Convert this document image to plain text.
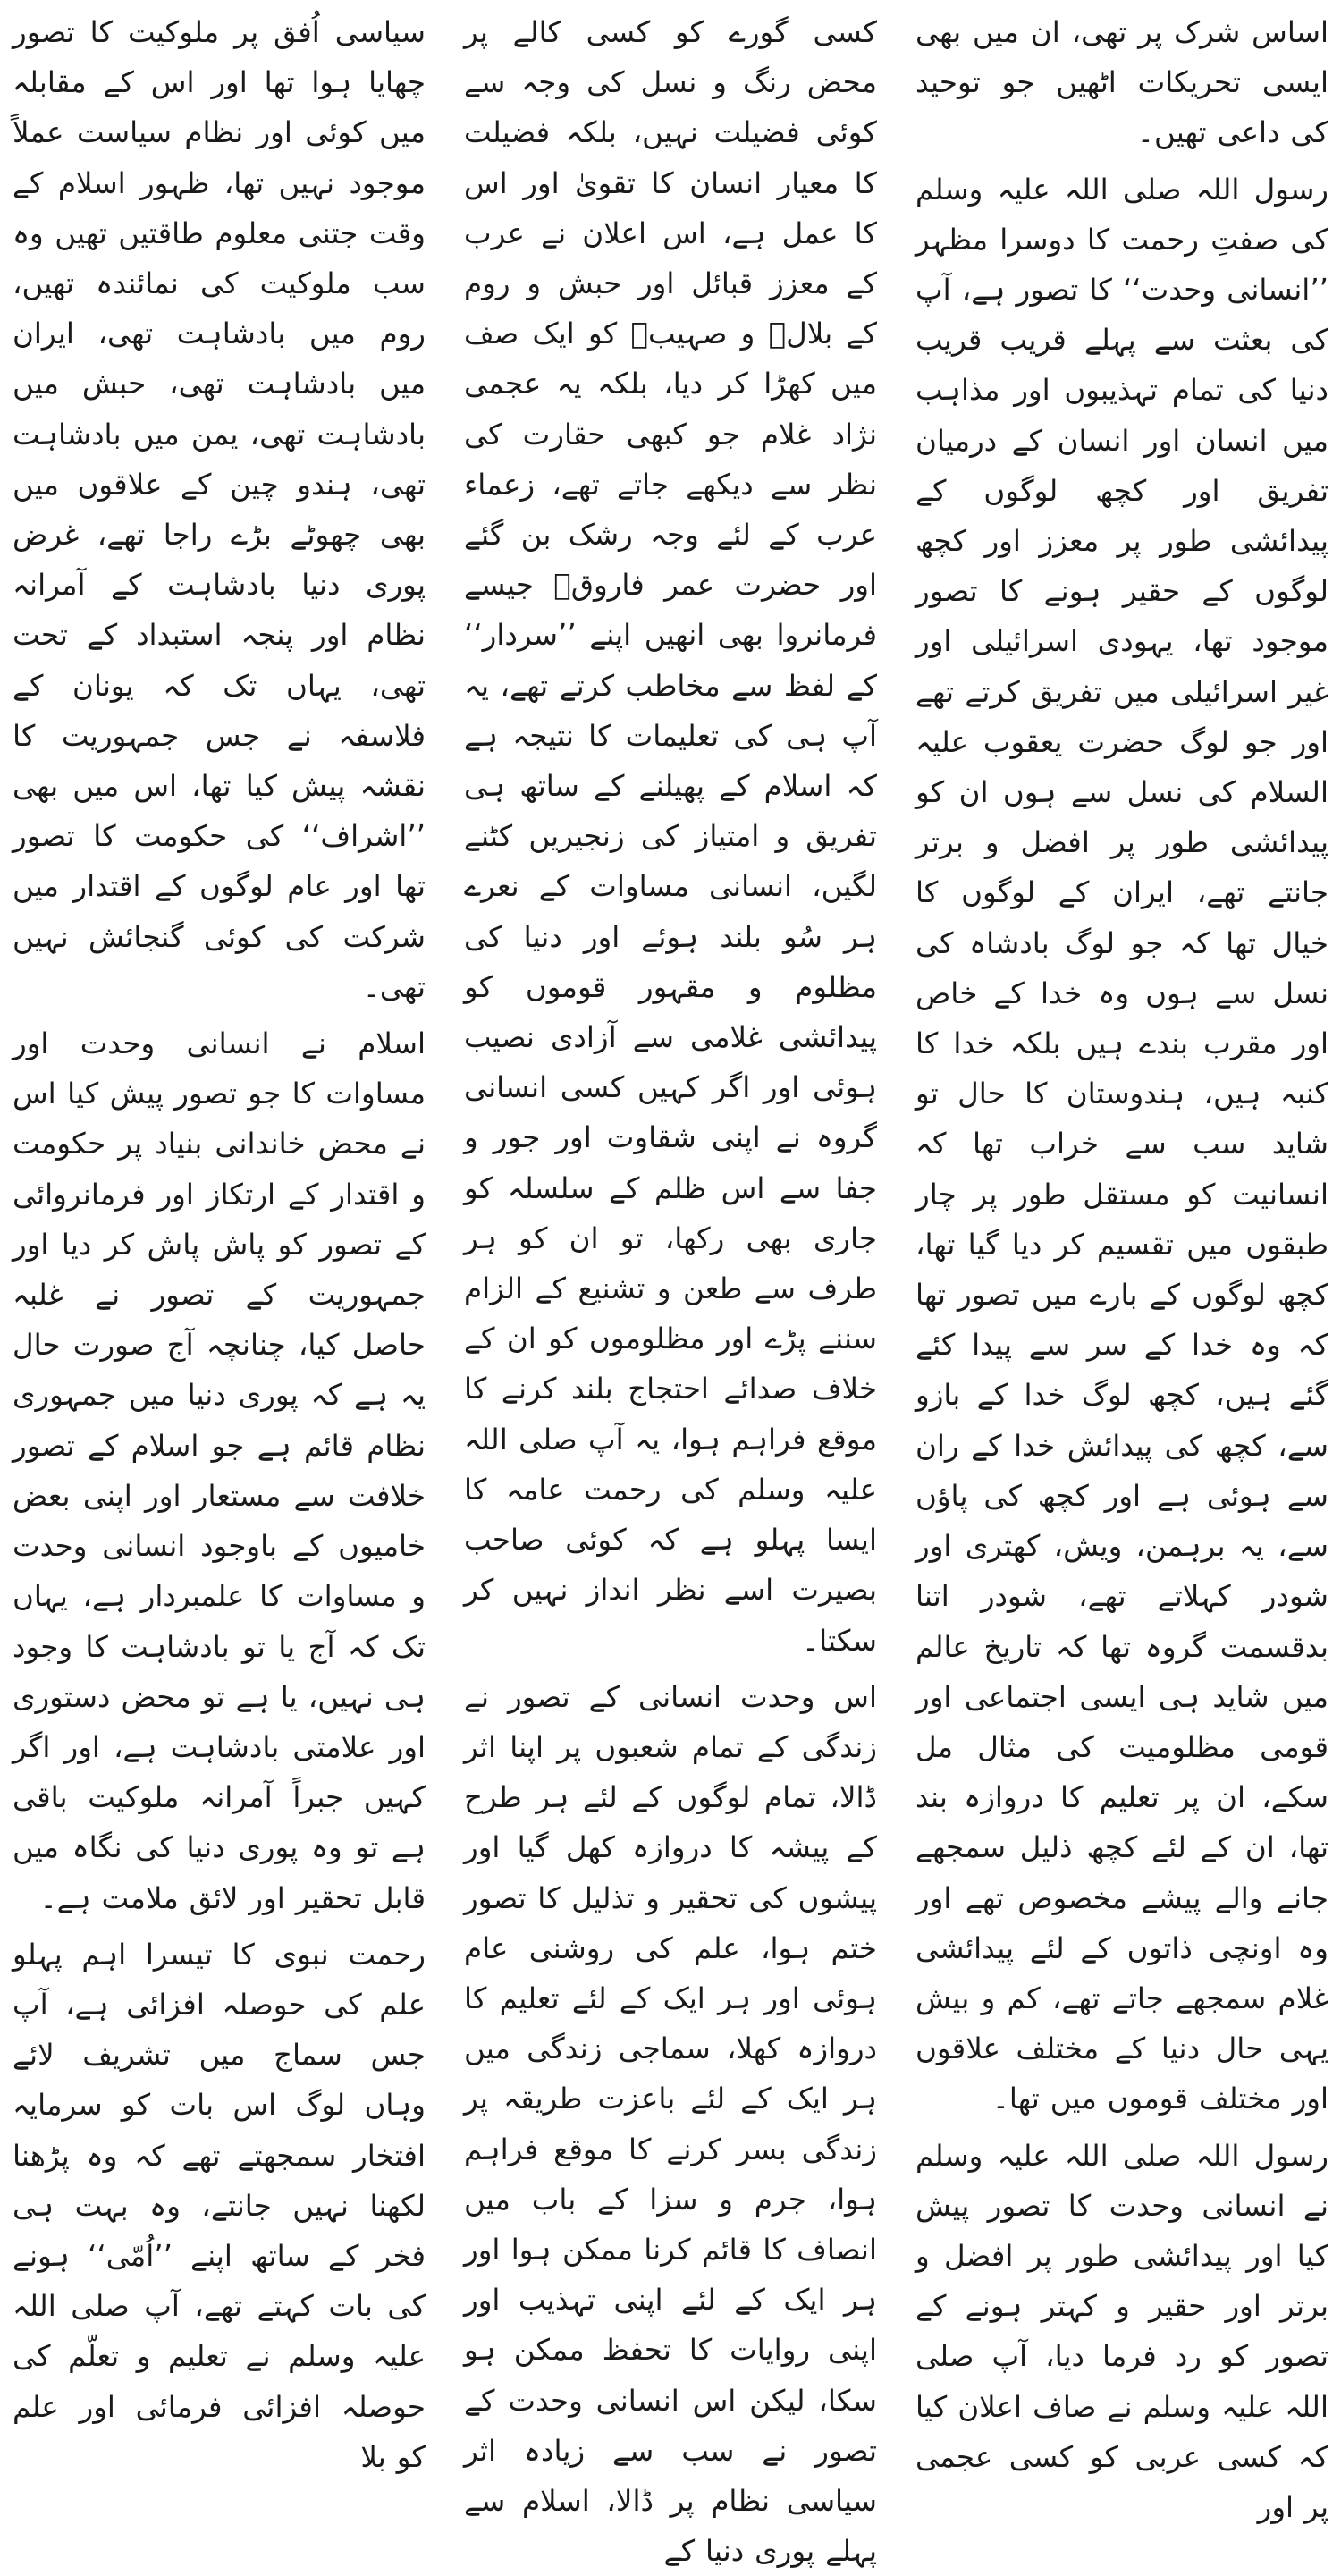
اساس شرک پر تھی، ان میں بھی ایسی تحریکات اٹھیں جو توحید کی داعی تھیں۔

رسول اللہ صلی اللہ علیہ وسلم کی صفتِ رحمت کا دوسرا مظہر ’’انسانی وحدت‘‘ کا تصور ہے، آپ کی بعثت سے پہلے قریب قریب دنیا کی تمام تہذیبوں اور مذاہب میں انسان اور انسان کے درمیان تفریق اور کچھ لوگوں کے پیدائشی طور پر معزز اور کچھ لوگوں کے حقیر ہونے کا تصور موجود تھا، یہودی اسرائیلی اور غیر اسرائیلی میں تفریق کرتے تھے اور جو لوگ حضرت یعقوب علیہ السلام کی نسل سے ہوں ان کو پیدائشی طور پر افضل و برتر جانتے تھے، ایران کے لوگوں کا خیال تھا کہ جو لوگ بادشاہ کی نسل سے ہوں وہ خدا کے خاص اور مقرب بندے ہیں بلکہ خدا کا کنبہ ہیں، ہندوستان کا حال تو شاید سب سے خراب تھا کہ انسانیت کو مستقل طور پر چار طبقوں میں تقسیم کر دیا گیا تھا، کچھ لوگوں کے بارے میں تصور تھا کہ وہ خدا کے سر سے پیدا کئے گئے ہیں، کچھ لوگ خدا کے بازو سے، کچھ کی پیدائش خدا کے ران سے ہوئی ہے اور کچھ کی پاؤں سے، یہ برہمن، ویش، کھتری اور شودر کہلاتے تھے، شودر اتنا بدقسمت گروہ تھا کہ تاریخ عالم میں شاید ہی ایسی اجتماعی اور قومی مظلومیت کی مثال مل سکے، ان پر تعلیم کا دروازہ بند تھا، ان کے لئے کچھ ذلیل سمجھے جانے والے پیشے مخصوص تھے اور وہ اونچی ذاتوں کے لئے پیدائشی غلام سمجھے جاتے تھے، کم و بیش یہی حال دنیا کے مختلف علاقوں اور مختلف قوموں میں تھا۔

رسول اللہ صلی اللہ علیہ وسلم نے انسانی وحدت کا تصور پیش کیا اور پیدائشی طور پر افضل و برتر اور حقیر و کہتر ہونے کے تصور کو رد فرما دیا، آپ صلی اللہ علیہ وسلم نے صاف اعلان کیا کہ کسی عربی کو کسی عجمی پر اور

کسی گورے کو کسی کالے پر محض رنگ و نسل کی وجہ سے کوئی فضیلت نہیں، بلکہ فضیلت کا معیار انسان کا تقویٰ اور اس کا عمل ہے، اس اعلان نے عرب کے معزز قبائل اور حبش و روم کے بلالؓ و صہیبؓ کو ایک صف میں کھڑا کر دیا، بلکہ یہ عجمی نژاد غلام جو کبھی حقارت کی نظر سے دیکھے جاتے تھے، زعماء عرب کے لئے وجہ رشک بن گئے اور حضرت عمر فاروقؓ جیسے فرمانروا بھی انھیں اپنے ’’سردار‘‘ کے لفظ سے مخاطب کرتے تھے، یہ آپ ہی کی تعلیمات کا نتیجہ ہے کہ اسلام کے پھیلنے کے ساتھ ہی تفریق و امتیاز کی زنجیریں کٹنے لگیں، انسانی مساوات کے نعرے ہر سُو بلند ہوئے اور دنیا کی مظلوم و مقہور قوموں کو پیدائشی غلامی سے آزادی نصیب ہوئی اور اگر کہیں کسی انسانی گروہ نے اپنی شقاوت اور جور و جفا سے اس ظلم کے سلسلہ کو جاری بھی رکھا، تو ان کو ہر طرف سے طعن و تشنیع کے الزام سننے پڑے اور مظلوموں کو ان کے خلاف صدائے احتجاج بلند کرنے کا موقع فراہم ہوا، یہ آپ صلی اللہ علیہ وسلم کی رحمت عامہ کا ایسا پہلو ہے کہ کوئی صاحب بصیرت اسے نظر انداز نہیں کر سکتا۔

اس وحدت انسانی کے تصور نے زندگی کے تمام شعبوں پر اپنا اثر ڈالا، تمام لوگوں کے لئے ہر طرح کے پیشہ کا دروازہ کھل گیا اور پیشوں کی تحقیر و تذلیل کا تصور ختم ہوا، علم کی روشنی عام ہوئی اور ہر ایک کے لئے تعلیم کا دروازہ کھلا، سماجی زندگی میں ہر ایک کے لئے باعزت طریقہ پر زندگی بسر کرنے کا موقع فراہم ہوا، جرم و سزا کے باب میں انصاف کا قائم کرنا ممکن ہوا اور ہر ایک کے لئے اپنی تہذیب اور اپنی روایات کا تحفظ ممکن ہو سکا، لیکن اس انسانی وحدت کے تصور نے سب سے زیادہ اثر سیاسی نظام پر ڈالا، اسلام سے پہلے پوری دنیا کے

سیاسی اُفق پر ملوکیت کا تصور چھایا ہوا تھا اور اس کے مقابلہ میں کوئی اور نظام سیاست عملاً موجود نہیں تھا، ظہور اسلام کے وقت جتنی معلوم طاقتیں تھیں وہ سب ملوکیت کی نمائندہ تھیں، روم میں بادشاہت تھی، ایران میں بادشاہت تھی، حبش میں بادشاہت تھی، یمن میں بادشاہت تھی، ہندو چین کے علاقوں میں بھی چھوٹے بڑے راجا تھے، غرض پوری دنیا بادشاہت کے آمرانہ نظام اور پنجہ استبداد کے تحت تھی، یہاں تک کہ یونان کے فلاسفہ نے جس جمہوریت کا نقشہ پیش کیا تھا، اس میں بھی ’’اشراف‘‘ کی حکومت کا تصور تھا اور عام لوگوں کے اقتدار میں شرکت کی کوئی گنجائش نہیں تھی۔

اسلام نے انسانی وحدت اور مساوات کا جو تصور پیش کیا اس نے محض خاندانی بنیاد پر حکومت و اقتدار کے ارتکاز اور فرمانروائی کے تصور کو پاش پاش کر دیا اور جمہوریت کے تصور نے غلبہ حاصل کیا، چنانچہ آج صورت حال یہ ہے کہ پوری دنیا میں جمہوری نظام قائم ہے جو اسلام کے تصور خلافت سے مستعار اور اپنی بعض خامیوں کے باوجود انسانی وحدت و مساوات کا علمبردار ہے، یہاں تک کہ آج یا تو بادشاہت کا وجود ہی نہیں، یا ہے تو محض دستوری اور علامتی بادشاہت ہے، اور اگر کہیں جبراً آمرانہ ملوکیت باقی ہے تو وہ پوری دنیا کی نگاہ میں قابل تحقیر اور لائق ملامت ہے۔

رحمت نبوی کا تیسرا اہم پہلو علم کی حوصلہ افزائی ہے، آپ جس سماج میں تشریف لائے وہاں لوگ اس بات کو سرمایہ افتخار سمجھتے تھے کہ وہ پڑھنا لکھنا نہیں جانتے، وہ بہت ہی فخر کے ساتھ اپنے ’’اُمّی‘‘ ہونے کی بات کہتے تھے، آپ صلی اللہ علیہ وسلم نے تعلیم و تعلّم کی حوصلہ افزائی فرمائی اور علم کو بلا
